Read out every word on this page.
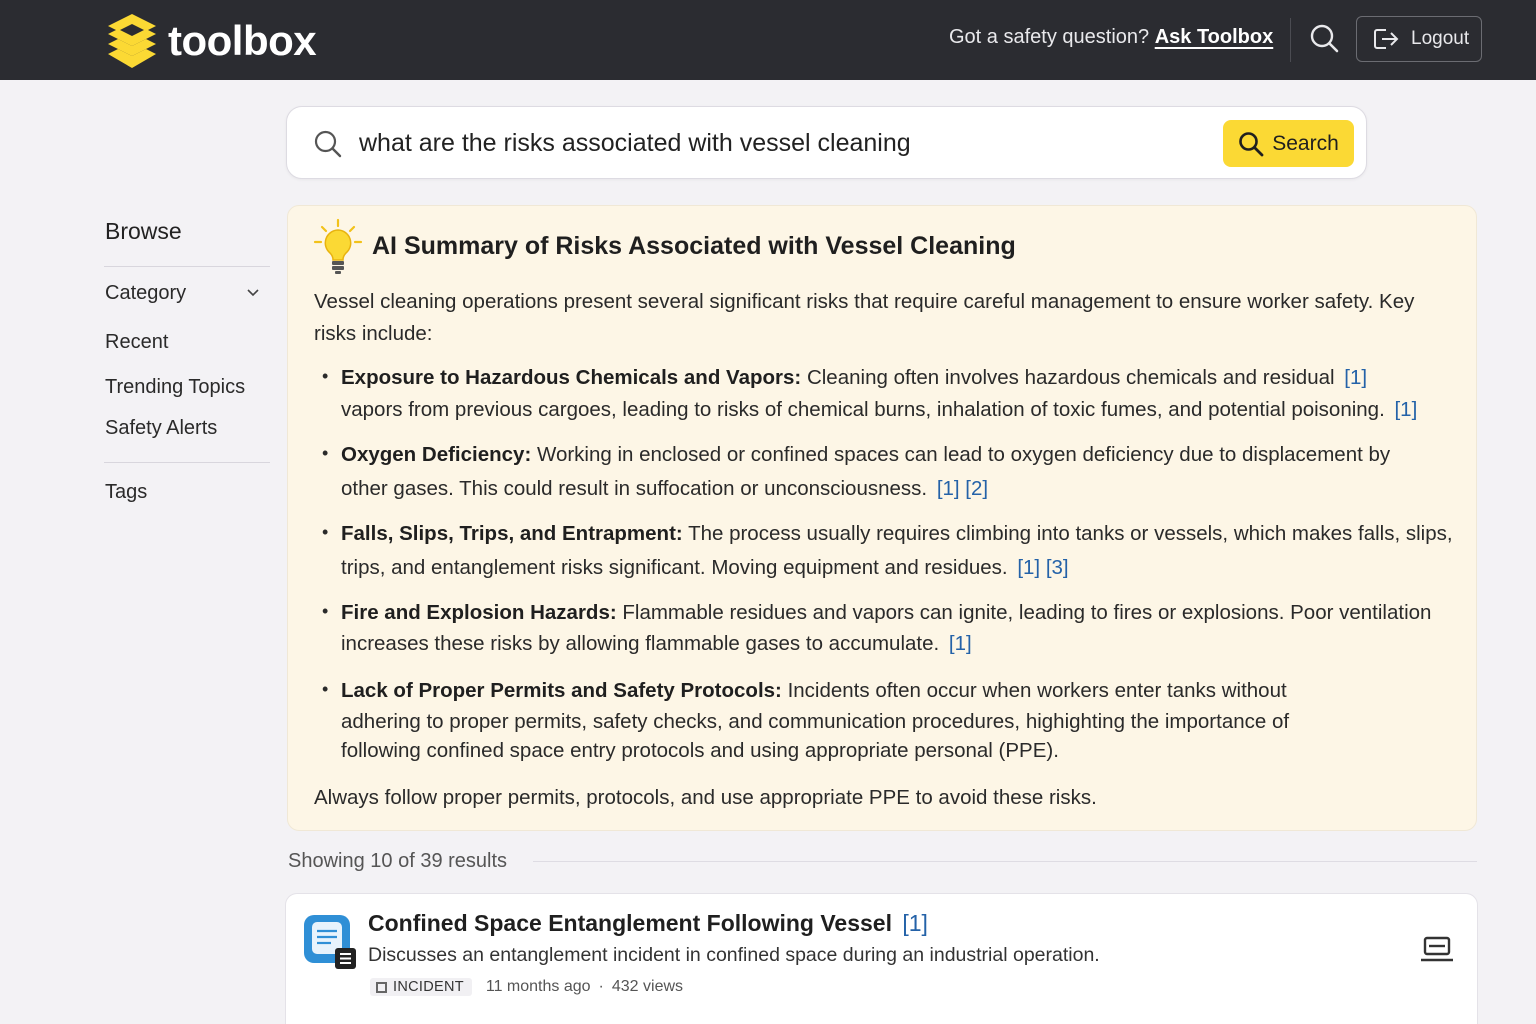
toolbox	Got a safety question? Ask Toolbox	Logout
what are the risks associated with vessel cleaning
Search
Browse
Category
Recent
Trending Topics
Safety Alerts
Tags
AI Summary of Risks Associated with Vessel Cleaning
Vessel cleaning operations present several significant risks that require careful management to ensure worker safety. Key risks include:
• Exposure to Hazardous Chemicals and Vapors: Cleaning often involves hazardous chemicals and residual [1]
vapors from previous cargoes, leading to risks of chemical burns, inhalation of toxic fumes, and potential poisoning. [1]
• Oxygen Deficiency: Working in enclosed or confined spaces can lead to oxygen deficiency due to displacement by
other gases. This could result in suffocation or unconsciousness. [1] [2]
• Falls, Slips, Trips, and Entrapment: The process usually requires climbing into tanks or vessels, which makes falls, slips,
trips, and entanglement risks significant. Moving equipment and residues. [1] [3]
• Fire and Explosion Hazards: Flammable residues and vapors can ignite, leading to fires or explosions. Poor ventilation
increases these risks by allowing flammable gases to accumulate. [1]
• Lack of Proper Permits and Safety Protocols: Incidents often occur when workers enter tanks without
adhering to proper permits, safety checks, and communication procedures, highighting the importance of
following confined space entry protocols and using appropriate personal (PPE).
Always follow proper permits, protocols, and use appropriate PPE to avoid these risks.
Showing 10 of 39 results
Confined Space Entanglement Following Vessel [1]
Discusses an entanglement incident in confined space during an industrial operation.
INCIDENT 11 months ago · 432 views
